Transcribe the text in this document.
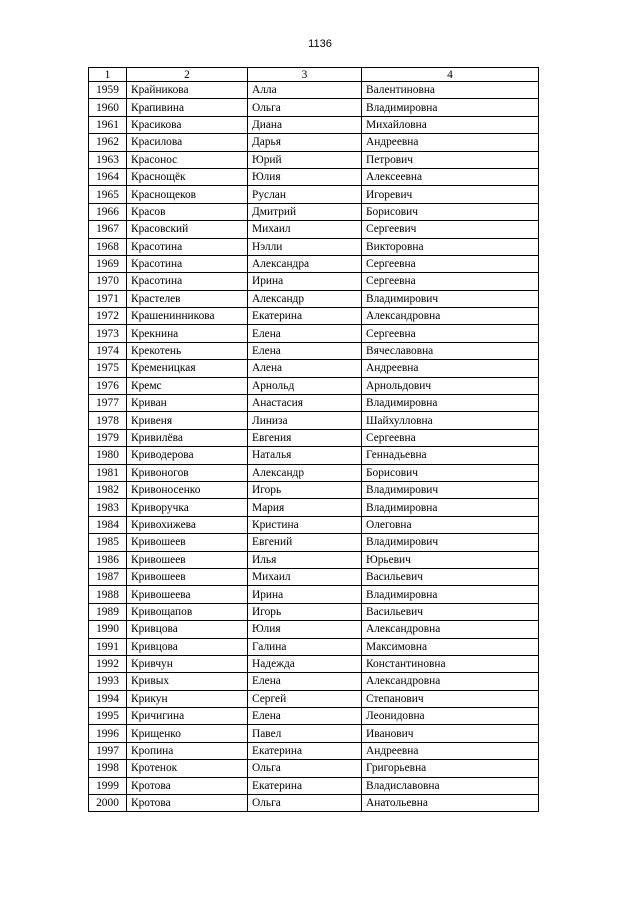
1136
1	2	3	4
1959	Крайникова	Алла	Валентиновна
1960	Крапивина	Ольга	Владимировна
1961	Красикова	Диана	Михайловна
1962	Красилова	Дарья	Андреевна
1963	Красонос	Юрий	Петрович
1964	Краснощёк	Юлия	Алексеевна
1965	Краснощеков	Руслан	Игоревич
1966	Красов	Дмитрий	Борисович
1967	Красовский	Михаил	Сергеевич
1968	Красотина	Нэлли	Викторовна
1969	Красотина	Александра	Сергеевна
1970	Красотина	Ирина	Сергеевна
1971	Крастелев	Александр	Владимирович
1972	Крашенинникова	Екатерина	Александровна
1973	Крекнина	Елена	Сергеевна
1974	Крекотень	Елена	Вячеславовна
1975	Кременицкая	Алена	Андреевна
1976	Кремс	Арнольд	Арнольдович
1977	Криван	Анастасия	Владимировна
1978	Кривеня	Линиза	Шайхулловна
1979	Кривилёва	Евгения	Сергеевна
1980	Криводерова	Наталья	Геннадьевна
1981	Кривоногов	Александр	Борисович
1982	Кривоносенко	Игорь	Владимирович
1983	Криворучка	Мария	Владимировна
1984	Кривохижева	Кристина	Олеговна
1985	Кривошеев	Евгений	Владимирович
1986	Кривошеев	Илья	Юрьевич
1987	Кривошеев	Михаил	Васильевич
1988	Кривошеева	Ирина	Владимировна
1989	Кривощапов	Игорь	Васильевич
1990	Кривцова	Юлия	Александровна
1991	Кривцова	Галина	Максимовна
1992	Кривчун	Надежда	Константиновна
1993	Кривых	Елена	Александровна
1994	Крикун	Сергей	Степанович
1995	Кричигина	Елена	Леонидовна
1996	Крищенко	Павел	Иванович
1997	Кропина	Екатерина	Андреевна
1998	Кротенок	Ольга	Григорьевна
1999	Кротова	Екатерина	Владиславовна
2000	Кротова	Ольга	Анатольевна
